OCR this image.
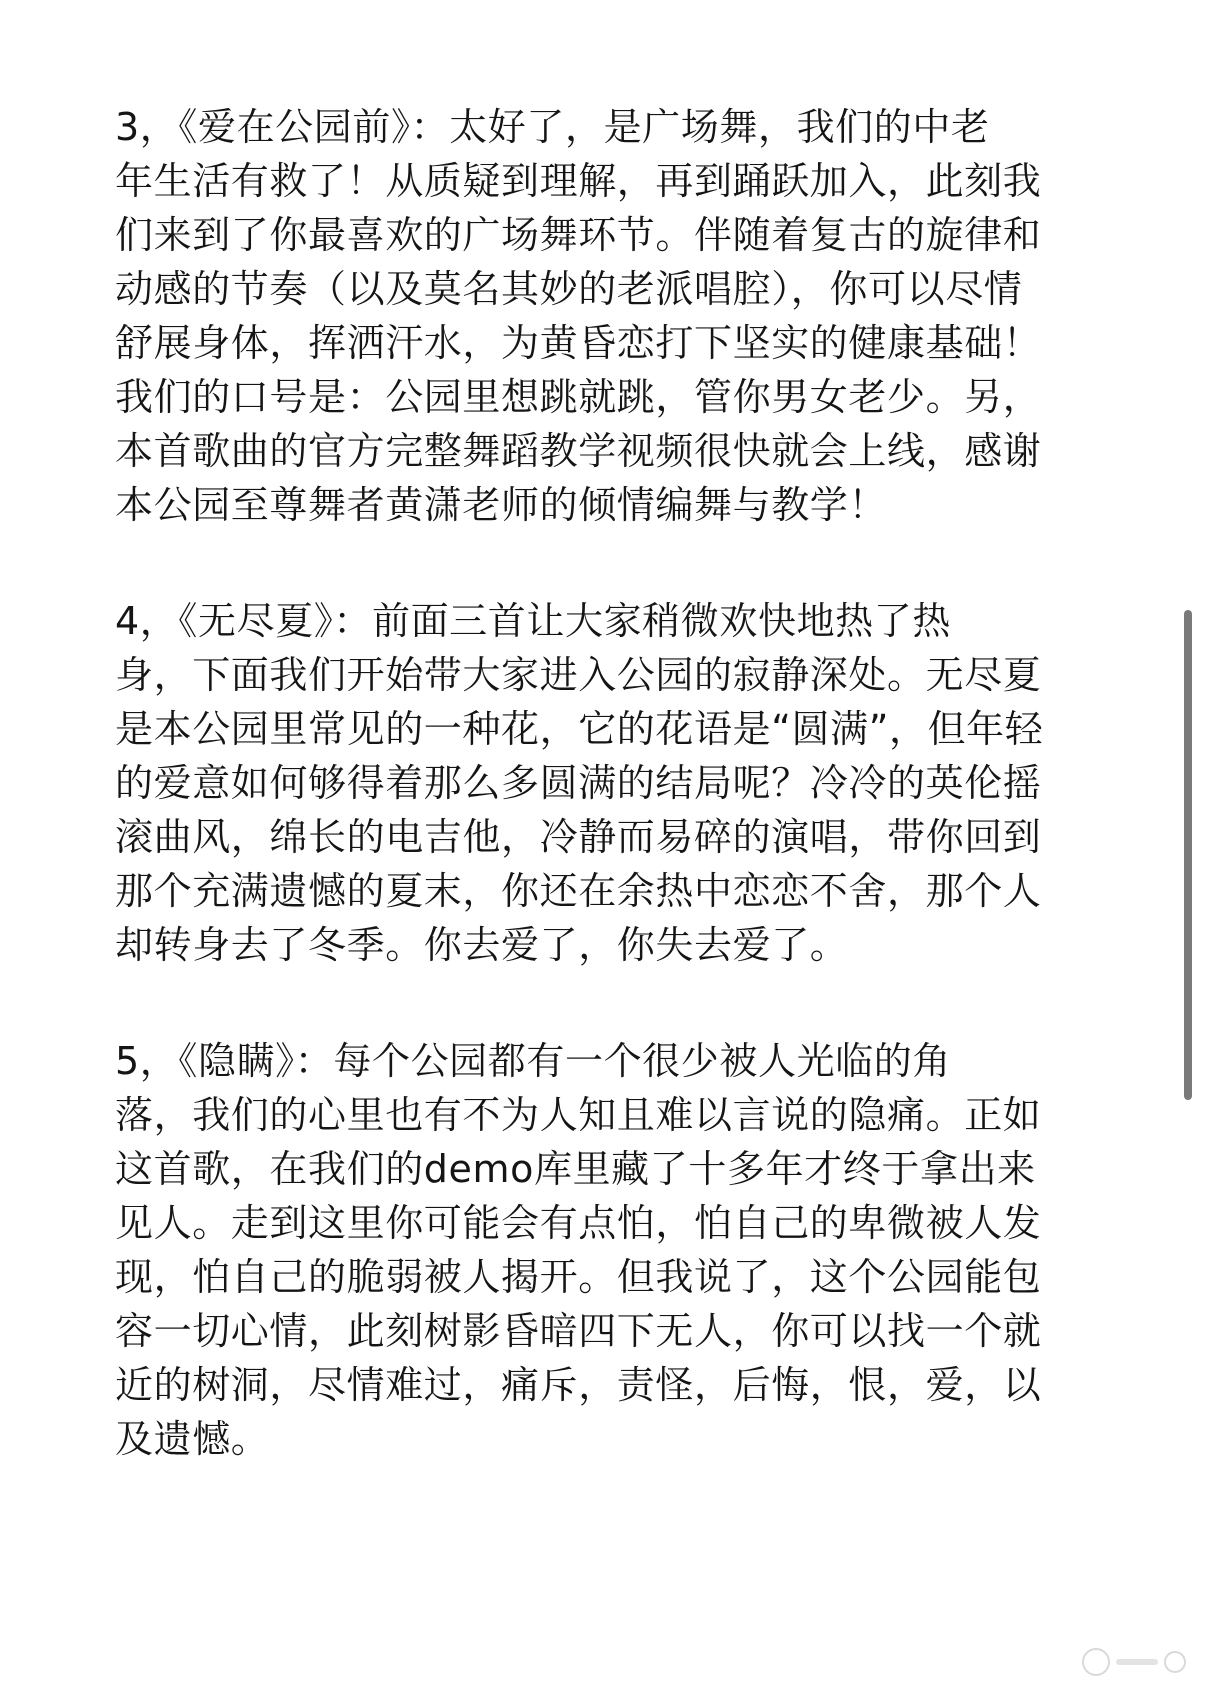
3，《爱在公园前》：太好了，是广场舞，我们的中老
年生活有救了！从质疑到理解，再到踊跃加入，此刻我
们来到了你最喜欢的广场舞环节。伴随着复古的旋律和
动感的节奏（以及莫名其妙的老派唱腔），你可以尽情
舒展身体，挥洒汗水，为黄昏恋打下坚实的健康基础！
我们的口号是：公园里想跳就跳，管你男女老少。另，
本首歌曲的官方完整舞蹈教学视频很快就会上线，感谢
本公园至尊舞者黄潇老师的倾情编舞与教学！
4，《无尽夏》：前面三首让大家稍微欢快地热了热
身，下面我们开始带大家进入公园的寂静深处。无尽夏
是本公园里常见的一种花，它的花语是“圆满”，但年轻
的爱意如何够得着那么多圆满的结局呢？冷冷的英伦摇
滚曲风，绵长的电吉他，冷静而易碎的演唱，带你回到
那个充满遗憾的夏末，你还在余热中恋恋不舍，那个人
却转身去了冬季。你去爱了，你失去爱了。
5，《隐瞒》：每个公园都有一个很少被人光临的角
落，我们的心里也有不为人知且难以言说的隐痛。正如
这首歌，在我们的demo库里藏了十多年才终于拿出来
见人。走到这里你可能会有点怕，怕自己的卑微被人发
现，怕自己的脆弱被人揭开。但我说了，这个公园能包
容一切心情，此刻树影昏暗四下无人，你可以找一个就
近的树洞，尽情难过，痛斥，责怪，后悔，恨，爱，以
及遗憾。
